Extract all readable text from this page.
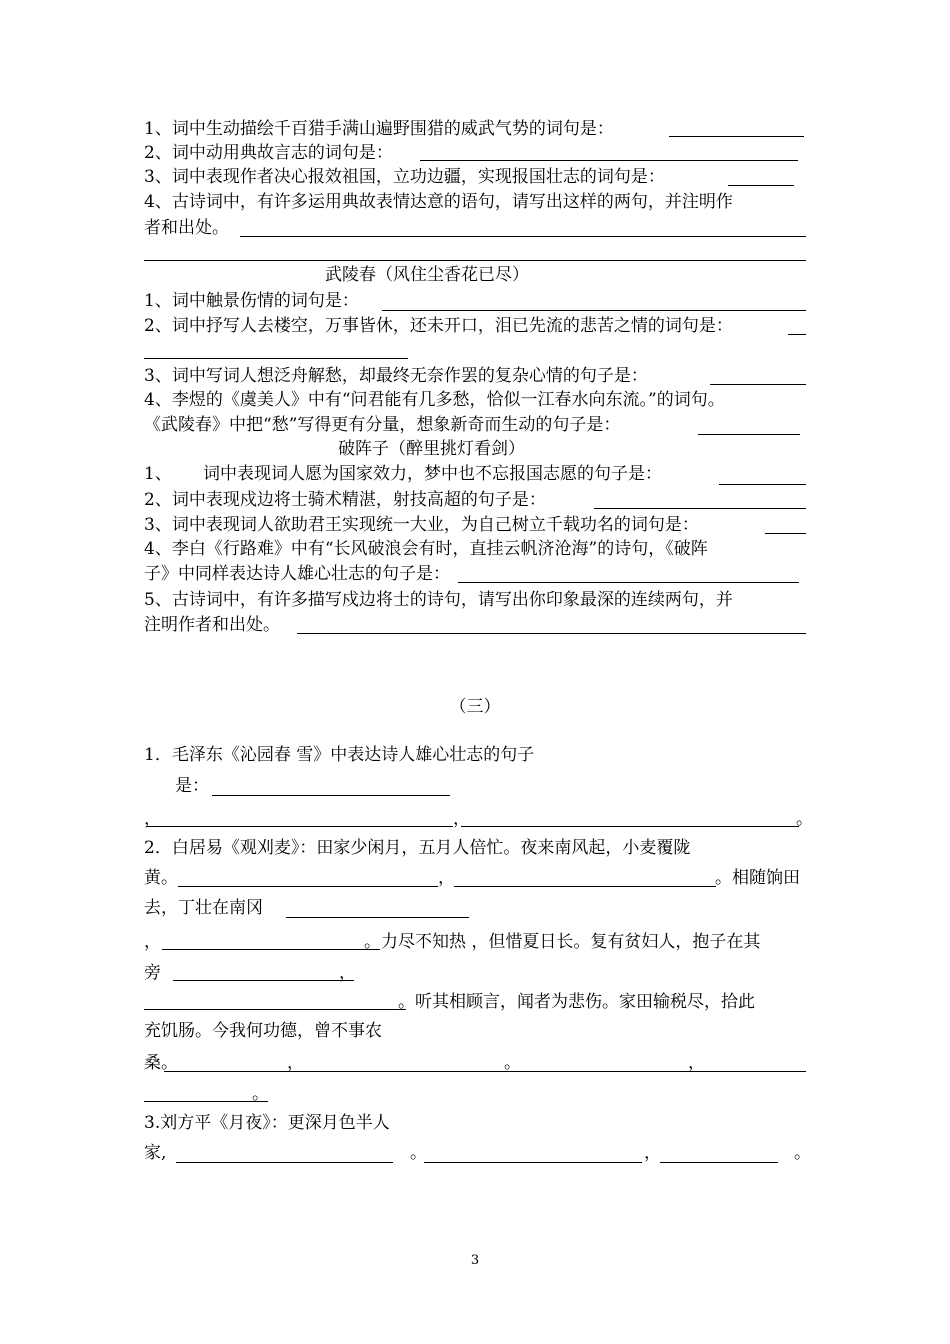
1、词中生动描绘千百猎手满山遍野围猎的威武气势的词句是：
2、词中动用典故言志的词句是：
3、词中表现作者决心报效祖国，立功边疆，实现报国壮志的词句是：
4、古诗词中，有许多运用典故表情达意的语句，请写出这样的两句，并注明作
者和出处。
武陵春（风住尘香花已尽）
1、词中触景伤情的词句是：
2、词中抒写人去楼空，万事皆休，还未开口，泪已先流的悲苦之情的词句是：
3、词中写词人想泛舟解愁，却最终无奈作罢的复杂心情的句子是：
4、李煜的《虞美人》中有“问君能有几多愁，恰似一江春水向东流。”的词句。
《武陵春》中把“愁”写得更有分量，想象新奇而生动的句子是：
破阵子（醉里挑灯看剑）
1、 词中表现词人愿为国家效力，梦中也不忘报国志愿的句子是：
2、词中表现戍边将士骑术精湛，射技高超的句子是：
3、词中表现词人欲助君王实现统一大业，为自己树立千载功名的词句是：
4、李白《行路难》中有“长风破浪会有时，直挂云帆济沧海”的诗句，《破阵
子》中同样表达诗人雄心壮志的句子是：
5、古诗词中，有许多描写戍边将士的诗句，请写出你印象最深的连续两句，并
注明作者和出处。
（三）
1．毛泽东《沁园春 雪》中表达诗人雄心壮志的句子
是：
，	，	。
2．白居易《观刈麦》：田家少闲月，五月人倍忙。夜来南风起，小麦覆陇
黄。	，	。相随饷田
去，丁壮在南冈
，	。力尽不知热 ，但惜夏日长。复有贫妇人，抱子在其
旁	，
。听其相顾言，闻者为悲伤。家田输税尽，拾此
充饥肠。今我何功德，曾不事农
桑。	，	。	，
。
3.刘方平《月夜》：更深月色半人
家,	。	，	。
3
